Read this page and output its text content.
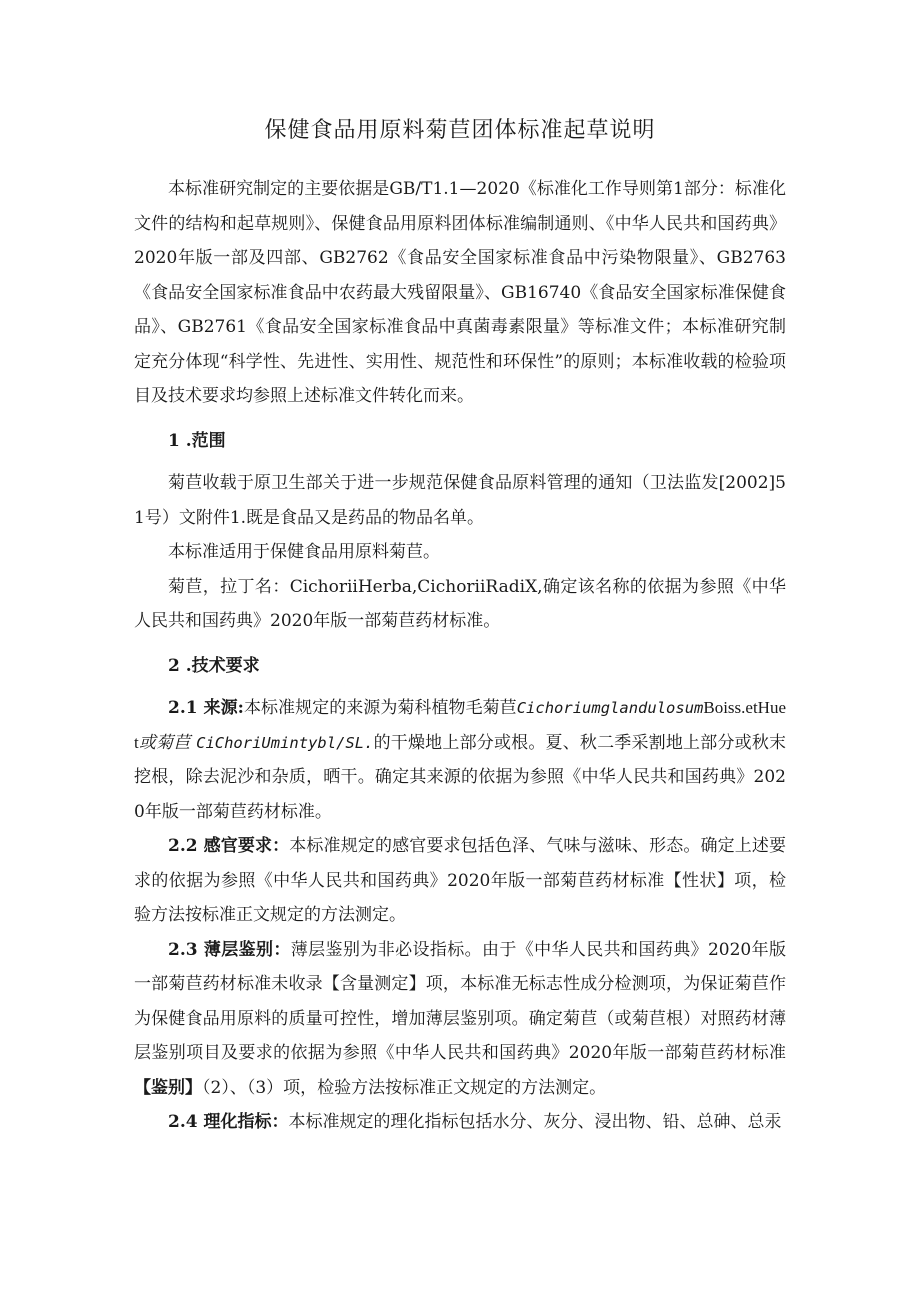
保健食品用原料菊苣团体标准起草说明

本标准研究制定的主要依据是GB/T1.1—2020《标准化工作导则第1部分：标准化文件的结构和起草规则》、保健食品用原料团体标准编制通则、《中华人民共和国药典》2020年版一部及四部、GB2762《食品安全国家标准食品中污染物限量》、GB2763《食品安全国家标准食品中农药最大残留限量》、GB16740《食品安全国家标准保健食品》、GB2761《食品安全国家标准食品中真菌毒素限量》等标准文件；本标准研究制定充分体现“科学性、先进性、实用性、规范性和环保性”的原则；本标准收载的检验项目及技术要求均参照上述标准文件转化而来。

1 .范围

菊苣收载于原卫生部关于进一步规范保健食品原料管理的通知（卫法监发[2002]51号）文附件1.既是食品又是药品的物品名单。

本标准适用于保健食品用原料菊苣。

菊苣，拉丁名：CichoriiHerba,CichoriiRadiX,确定该名称的依据为参照《中华人民共和国药典》2020年版一部菊苣药材标准。

2 .技术要求

2.1 来源:本标准规定的来源为菊科植物毛菊苣CichoriumglandulosumBoiss.etHuet或菊苣 CiChoriUmintybl/SL.的干燥地上部分或根。夏、秋二季采割地上部分或秋末挖根，除去泥沙和杂质，晒干。确定其来源的依据为参照《中华人民共和国药典》2020年版一部菊苣药材标准。

2.2 感官要求：本标准规定的感官要求包括色泽、气味与滋味、形态。确定上述要求的依据为参照《中华人民共和国药典》2020年版一部菊苣药材标准【性状】项，检验方法按标准正文规定的方法测定。

2.3 薄层鉴别：薄层鉴别为非必设指标。由于《中华人民共和国药典》2020年版一部菊苣药材标准未收录【含量测定】项，本标准无标志性成分检测项，为保证菊苣作为保健食品用原料的质量可控性，增加薄层鉴别项。确定菊苣（或菊苣根）对照药材薄层鉴别项目及要求的依据为参照《中华人民共和国药典》2020年版一部菊苣药材标准【鉴别】（2）、（3）项，检验方法按标准正文规定的方法测定。

2.4 理化指标：本标准规定的理化指标包括水分、灰分、浸出物、铅、总砷、总汞
